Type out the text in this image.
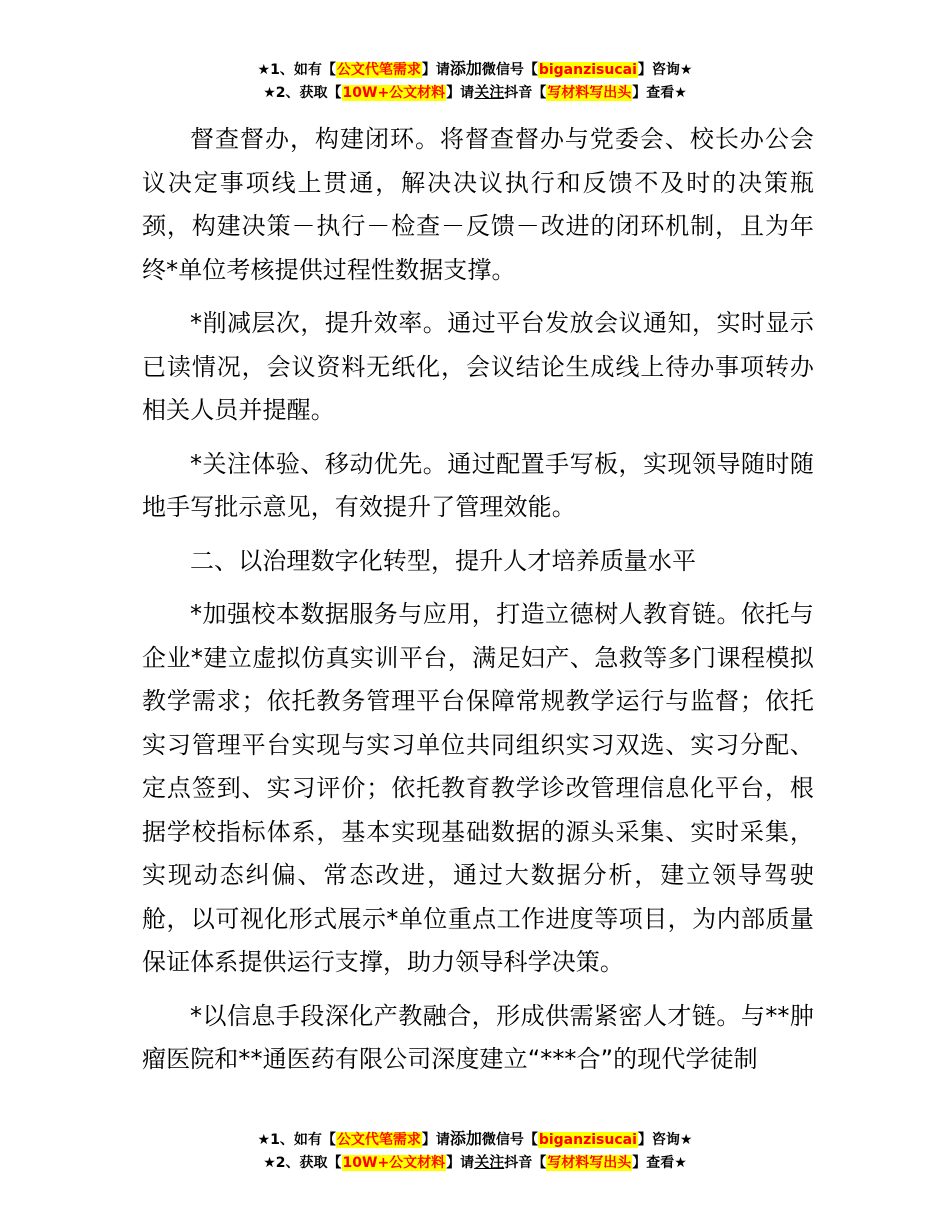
★1、如有【公文代笔需求】请添加微信号【biganzisucai】咨询★
★2、获取【10W+公文材料】请关注抖音【写材料写出头】查看★

督查督办，构建闭环。将督查督办与党委会、校长办公会议决定事项线上贯通，解决决议执行和反馈不及时的决策瓶颈，构建决策－执行－检查－反馈－改进的闭环机制，且为年终*单位考核提供过程性数据支撑。

*削减层次，提升效率。通过平台发放会议通知，实时显示已读情况，会议资料无纸化，会议结论生成线上待办事项转办相关人员并提醒。

*关注体验、移动优先。通过配置手写板，实现领导随时随地手写批示意见，有效提升了管理效能。

二、以治理数字化转型，提升人才培养质量水平

*加强校本数据服务与应用，打造立德树人教育链。依托与企业*建立虚拟仿真实训平台，满足妇产、急救等多门课程模拟教学需求；依托教务管理平台保障常规教学运行与监督；依托实习管理平台实现与实习单位共同组织实习双选、实习分配、定点签到、实习评价；依托教育教学诊改管理信息化平台，根据学校指标体系，基本实现基础数据的源头采集、实时采集，实现动态纠偏、常态改进，通过大数据分析，建立领导驾驶舱，以可视化形式展示*单位重点工作进度等项目，为内部质量保证体系提供运行支撑，助力领导科学决策。

*以信息手段深化产教融合，形成供需紧密人才链。与**肿瘤医院和**通医药有限公司深度建立“***合”的现代学徒制

★1、如有【公文代笔需求】请添加微信号【biganzisucai】咨询★
★2、获取【10W+公文材料】请关注抖音【写材料写出头】查看★
